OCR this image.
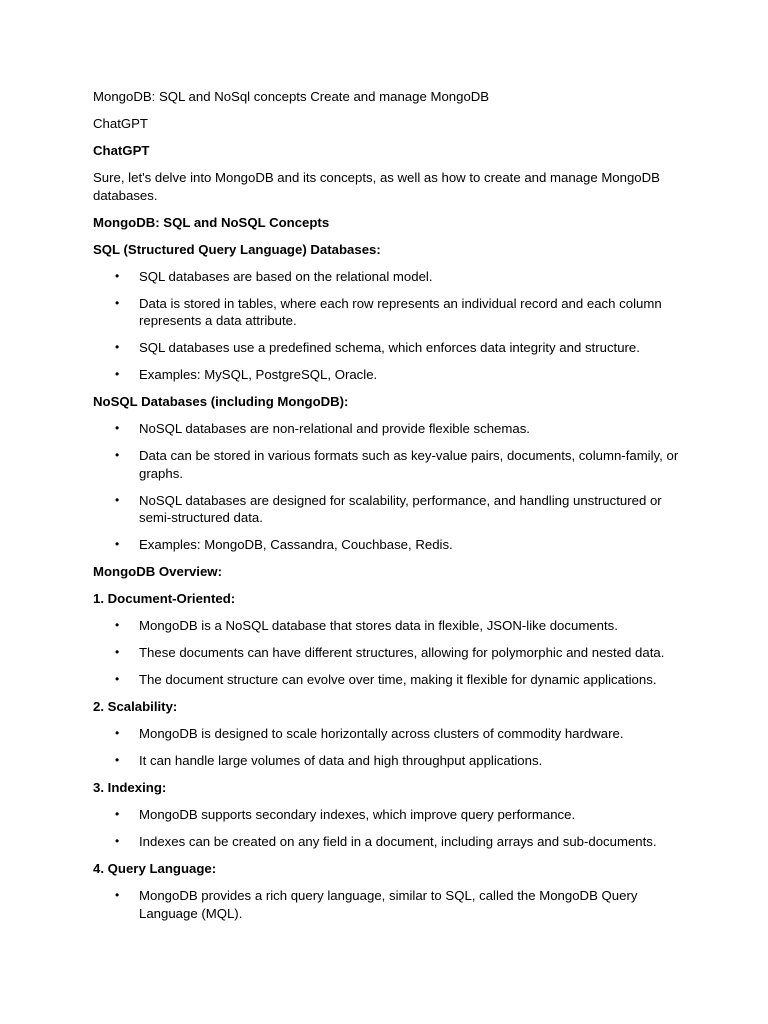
MongoDB: SQL and NoSql concepts Create and manage MongoDB

ChatGPT

ChatGPT

Sure, let's delve into MongoDB and its concepts, as well as how to create and manage MongoDB databases.

MongoDB: SQL and NoSQL Concepts

SQL (Structured Query Language) Databases:

• SQL databases are based on the relational model.
• Data is stored in tables, where each row represents an individual record and each column represents a data attribute.
• SQL databases use a predefined schema, which enforces data integrity and structure.
• Examples: MySQL, PostgreSQL, Oracle.

NoSQL Databases (including MongoDB):

• NoSQL databases are non-relational and provide flexible schemas.
• Data can be stored in various formats such as key-value pairs, documents, column-family, or graphs.
• NoSQL databases are designed for scalability, performance, and handling unstructured or semi-structured data.
• Examples: MongoDB, Cassandra, Couchbase, Redis.

MongoDB Overview:

1. Document-Oriented:

• MongoDB is a NoSQL database that stores data in flexible, JSON-like documents.
• These documents can have different structures, allowing for polymorphic and nested data.
• The document structure can evolve over time, making it flexible for dynamic applications.

2. Scalability:

• MongoDB is designed to scale horizontally across clusters of commodity hardware.
• It can handle large volumes of data and high throughput applications.

3. Indexing:

• MongoDB supports secondary indexes, which improve query performance.
• Indexes can be created on any field in a document, including arrays and sub-documents.

4. Query Language:

• MongoDB provides a rich query language, similar to SQL, called the MongoDB Query Language (MQL).
